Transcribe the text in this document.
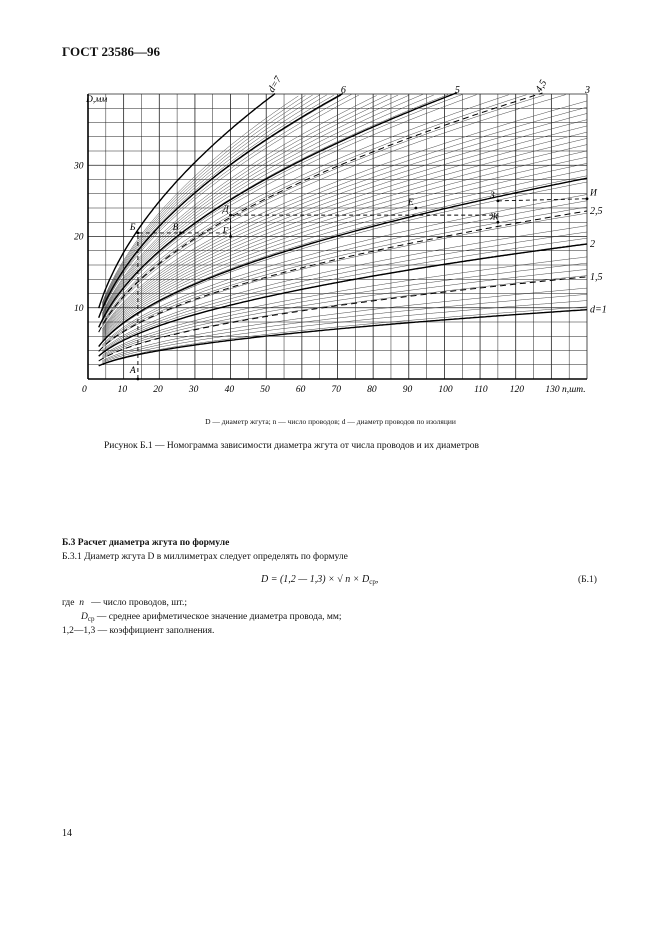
ГОСТ 23586—96
А
Б	В	Г
Д
Е
Ж
З	И
d=1
1,5
2
2,5
3
4,5
5
6
d=7
0	10	20	30	40	50	60	70	80	90	100 110 120 130 n,шт.
10
20
30
D,мм
D — диаметр жгута; n — число проводов; d — диаметр проводов по изоляции
Рисунок Б.1 — Номограмма зависимости диаметра жгута от числа проводов и их диаметров
Б.3 Расчет диаметра жгута по формуле
Б.3.1 Диаметр жгута D в миллиметрах следует определять по формуле
D = (1,2 — 1,3) × √ $n \times D_{ср}$,	(Б.1)
где n — число проводов, шт.;
$D_{ср}$ — среднее арифметическое значение диаметра провода, мм;
1,2—1,3 — коэффициент заполнения.
14
